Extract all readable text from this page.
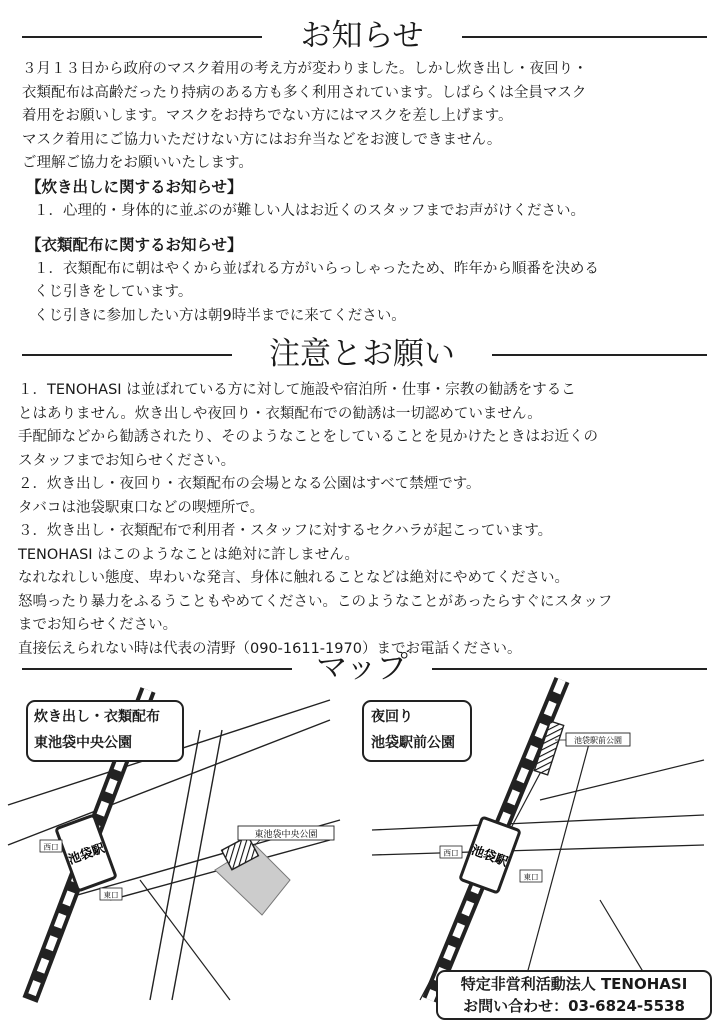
お知らせ

３月１３日から政府のマスク着用の考え方が変わりました。しかし炊き出し・夜回り・

衣類配布は高齢だったり持病のある方も多く利用されています。しばらくは全員マスク

着用をお願いします。マスクをお持ちでない方にはマスクを差し上げます。

マスク着用にご協力いただけない方にはお弁当などをお渡しできません。

ご理解ご協力をお願いいたします。

【炊き出しに関するお知らせ】

１．心理的・身体的に並ぶのが難しい人はお近くのスタッフまでお声がけください。

【衣類配布に関するお知らせ】

１．衣類配布に朝はやくから並ばれる方がいらっしゃったため、昨年から順番を決める

くじ引きをしています。

くじ引きに参加したい方は朝9時半までに来てください。

注意とお願い

１．TENOHASI は並ばれている方に対して施設や宿泊所・仕事・宗教の勧誘をするこ

とはありません。炊き出しや夜回り・衣類配布での勧誘は一切認めていません。

手配師などから勧誘されたり、そのようなことをしていることを見かけたときはお近くの

スタッフまでお知らせください。

２．炊き出し・夜回り・衣類配布の会場となる公園はすべて禁煙です。

タバコは池袋駅東口などの喫煙所で。

３．炊き出し・衣類配布で利用者・スタッフに対するセクハラが起こっています。

TENOHASI はこのようなことは絶対に許しません。

なれなれしい態度、卑わいな発言、身体に触れることなどは絶対にやめてください。

怒鳴ったり暴力をふるうこともやめてください。このようなことがあったらすぐにスタッフ

までお知らせください。

直接伝えられない時は代表の清野（090-1611-1970）までお電話ください。

マップ
池袋駅
西口
東口
東池袋中央公園
池袋駅前公園
池袋駅
西口
東口
炊き出し・衣類配布
東池袋中央公園
夜回り
池袋駅前公園
特定非営利活動法人 TENOHASI
お問い合わせ：03-6824-5538
